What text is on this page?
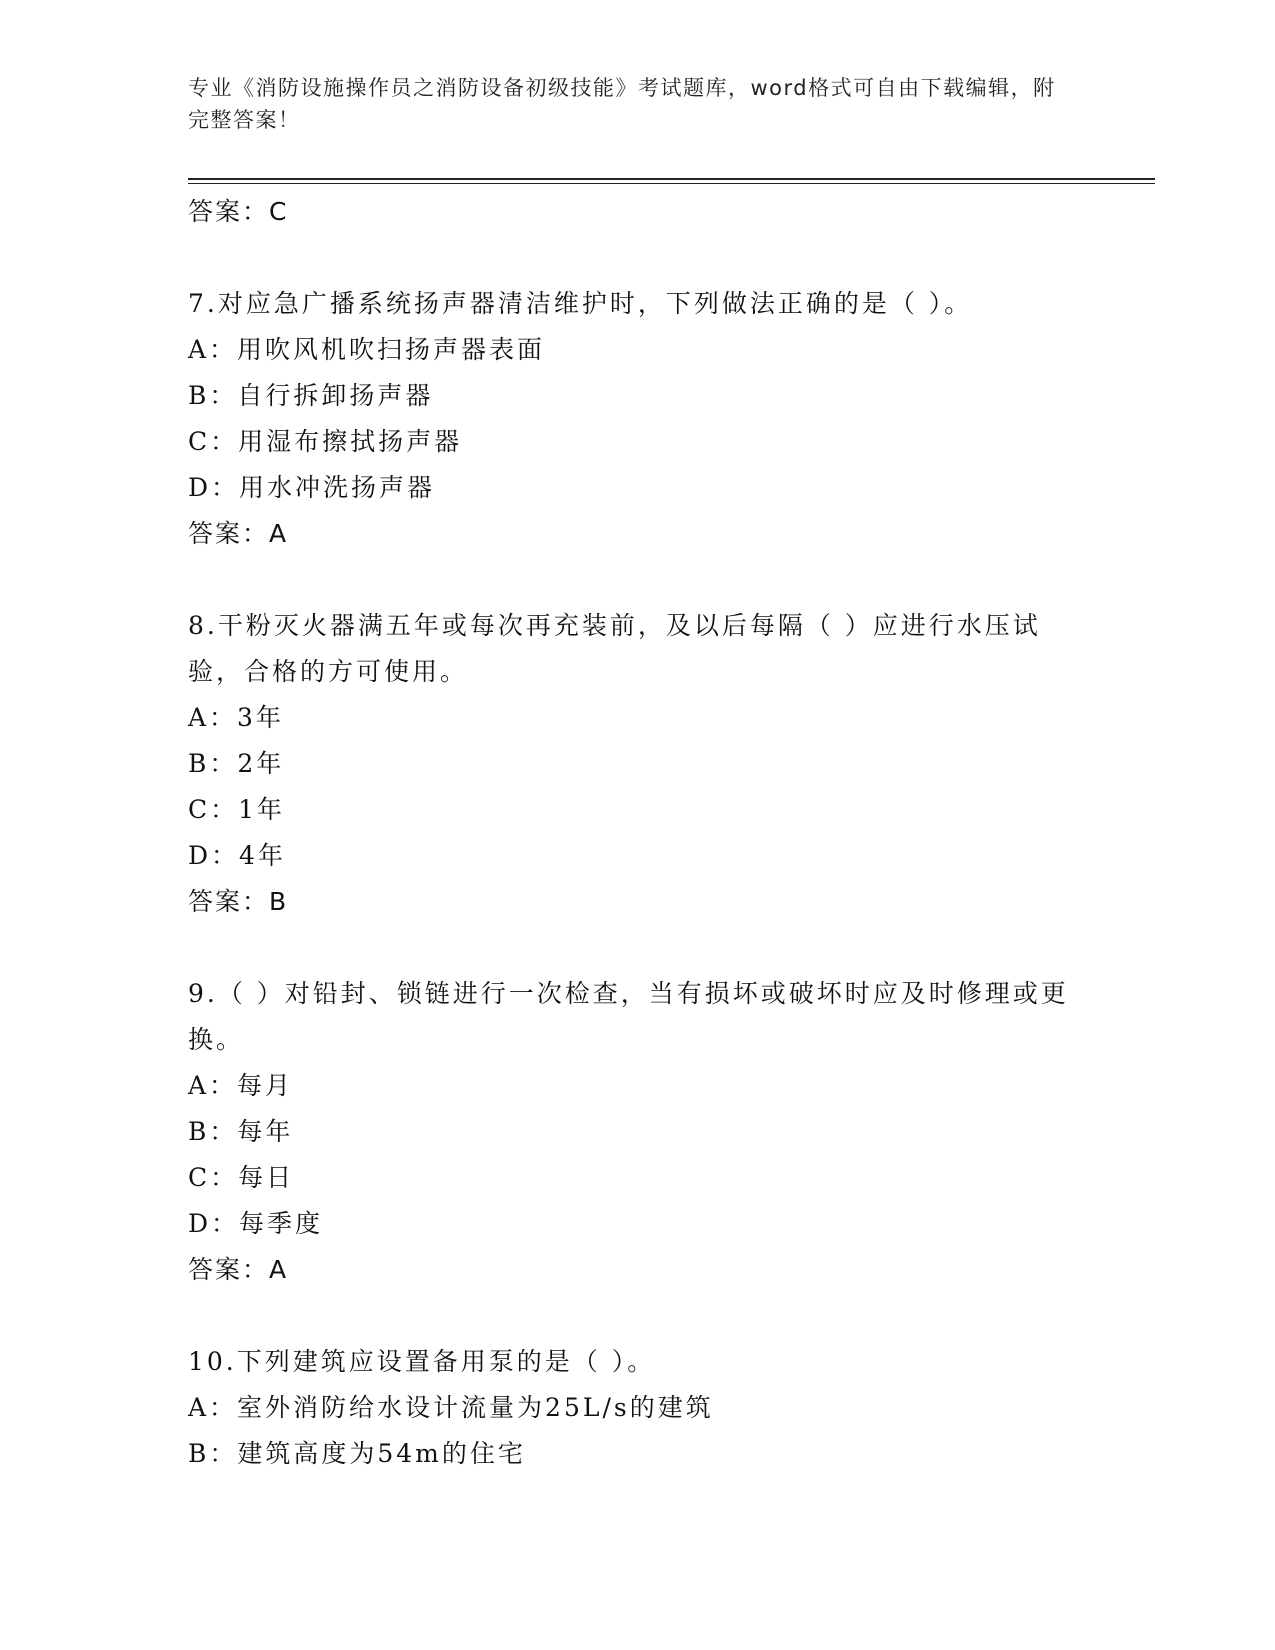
专业《消防设施操作员之消防设备初级技能》考试题库，word格式可自由下载编辑，附完整答案！
答案：C
7.对应急广播系统扬声器清洁维护时，下列做法正确的是（ ）。
A：用吹风机吹扫扬声器表面
B：自行拆卸扬声器
C：用湿布擦拭扬声器
D：用水冲洗扬声器
答案：A
8.干粉灭火器满五年或每次再充装前，及以后每隔（ ）应进行水压试验，合格的方可使用。
A：3年
B：2年
C：1年
D：4年
答案：B
9.（ ）对铅封、锁链进行一次检查，当有损坏或破坏时应及时修理或更换。
A：每月
B：每年
C：每日
D：每季度
答案：A
10.下列建筑应设置备用泵的是（ ）。
A：室外消防给水设计流量为25L/s的建筑
B：建筑高度为54m的住宅
